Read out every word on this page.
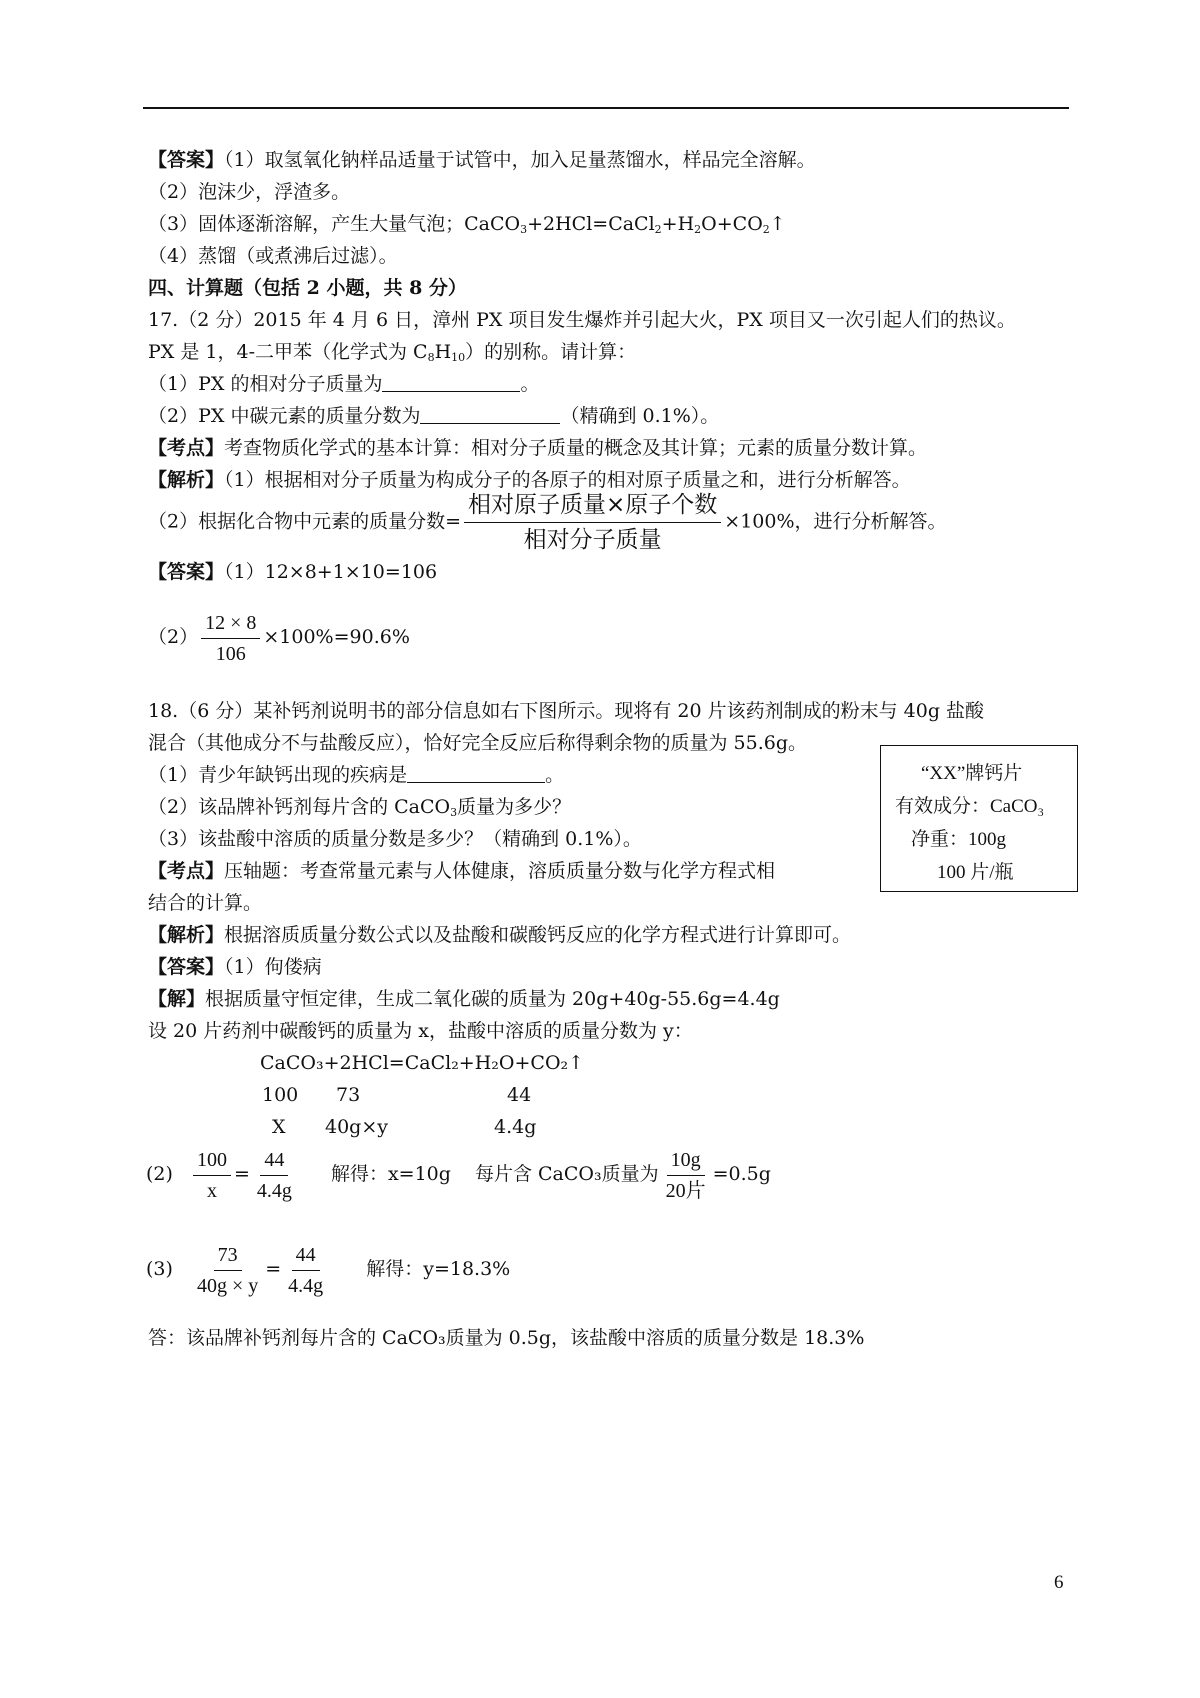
【答案】（1）取氢氧化钠样品适量于试管中，加入足量蒸馏水，样品完全溶解。
（2）泡沫少，浮渣多。
（3）固体逐渐溶解，产生大量气泡；$CaCO_3+2HCl=CaCl_2+H_2O+CO_2↑$
（4）蒸馏（或煮沸后过滤）。
四、计算题（包括 2 小题，共 8 分）
17.（2 分）2015 年 4 月 6 日，漳州 PX 项目发生爆炸并引起大火，PX 项目又一次引起人们的热议。
PX 是 1，4-二甲苯（化学式为 $C_8H_{10}$）的别称。请计算：
（1）PX 的相对分子质量为	。
（2）PX 中碳元素的质量分数为	（精确到 0.1%）。
【考点】考查物质化学式的基本计算：相对分子质量的概念及其计算；元素的质量分数计算。
【解析】（1）根据相对分子质量为构成分子的各原子的相对原子质量之和，进行分析解答。
（2）根据化合物中元素的质量分数= $\frac{\text{相对原子质量×原子个数}}{\text{相对分子质量}} \times 100\%$，进行分析解答。
【答案】（1）12×8+1×10=106
$(2) \frac{12 \times 8}{106} \times 100\%=90.6\%$
18.（6 分）某补钙剂说明书的部分信息如右下图所示。现将有 20 片该药剂制成的粉末与 40g 盐酸
混合（其他成分不与盐酸反应），恰好完全反应后称得剩余物的质量为 55.6g。
（1）青少年缺钙出现的疾病是	。
（2）该品牌补钙剂每片含的 CaCO$_3$质量为多少？
（3）该盐酸中溶质的质量分数是多少？（精确到 0.1%）。
【考点】压轴题：考查常量元素与人体健康，溶质质量分数与化学方程式相
结合的计算。
【解析】根据溶质质量分数公式以及盐酸和碳酸钙反应的化学方程式进行计算即可。
【答案】（1）佝偻病
【解】根据质量守恒定律，生成二氧化碳的质量为 20g+40g-55.6g=4.4g
设 20 片药剂中碳酸钙的质量为 x，盐酸中溶质的质量分数为 y：
CaCO₃+2HCl=CaCl₂+H₂O+CO₂↑
100 73	44
X 40g×y	4.4g
$(2) \frac{100}{x} = \frac{44}{4.4g}$ 解得：x=10g 每片含 CaCO₃质量为 $\frac{10g}{\text{20片}} =0.5g$
$(3) \frac{73}{40g \times y} = \frac{44}{4.4g}$ 解得：y=18.3%
答：该品牌补钙剂每片含的 CaCO₃质量为 0.5g，该盐酸中溶质的质量分数是 18.3%
“XX”牌钙片
有效成分：CaCO₃
净重：100g
100 片/瓶
6
